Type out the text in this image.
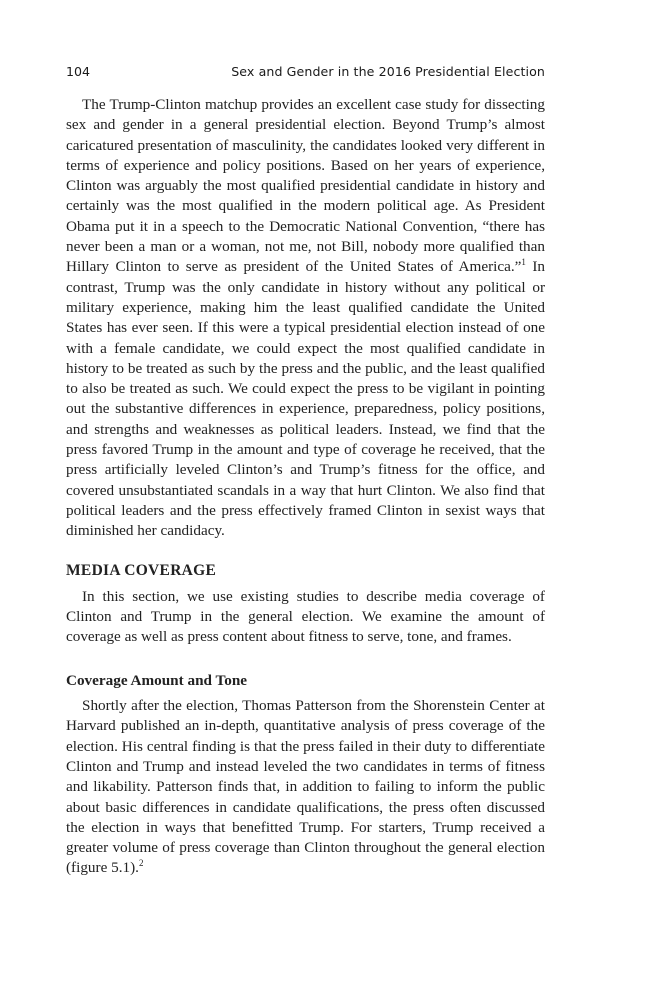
104	Sex and Gender in the 2016 Presidential Election

The Trump-Clinton matchup provides an excellent case study for dissecting sex and gender in a general presidential election. Beyond Trump’s almost caricatured presentation of masculinity, the candidates looked very different in terms of experience and policy positions. Based on her years of experience, Clinton was arguably the most qualified presidential candidate in history and certainly was the most qualified in the modern political age. As President Obama put it in a speech to the Democratic National Convention, “there has never been a man or a woman, not me, not Bill, nobody more qualified than Hillary Clinton to serve as president of the United States of America.”$^1$ In contrast, Trump was the only candidate in history without any political or military experience, making him the least qualified candidate the United States has ever seen. If this were a typical presidential election instead of one with a female candidate, we could expect the most qualified candidate in history to be treated as such by the press and the public, and the least qualified to also be treated as such. We could expect the press to be vigilant in pointing out the substantive differences in experience, preparedness, policy positions, and strengths and weaknesses as political leaders. Instead, we find that the press favored Trump in the amount and type of coverage he received, that the press artificially leveled Clinton’s and Trump’s fitness for the office, and covered unsubstantiated scandals in a way that hurt Clinton. We also find that political leaders and the press effectively framed Clinton in sexist ways that diminished her candidacy.

MEDIA COVERAGE

In this section, we use existing studies to describe media coverage of Clinton and Trump in the general election. We examine the amount of coverage as well as press content about fitness to serve, tone, and frames.

Coverage Amount and Tone

Shortly after the election, Thomas Patterson from the Shorenstein Center at Harvard published an in-depth, quantitative analysis of press coverage of the election. His central finding is that the press failed in their duty to differentiate Clinton and Trump and instead leveled the two candidates in terms of fitness and likability. Patterson finds that, in addition to failing to inform the public about basic differences in candidate qualifications, the press often discussed the election in ways that benefitted Trump. For starters, Trump received a greater volume of press coverage than Clinton throughout the general election (figure 5.1).$^2$
